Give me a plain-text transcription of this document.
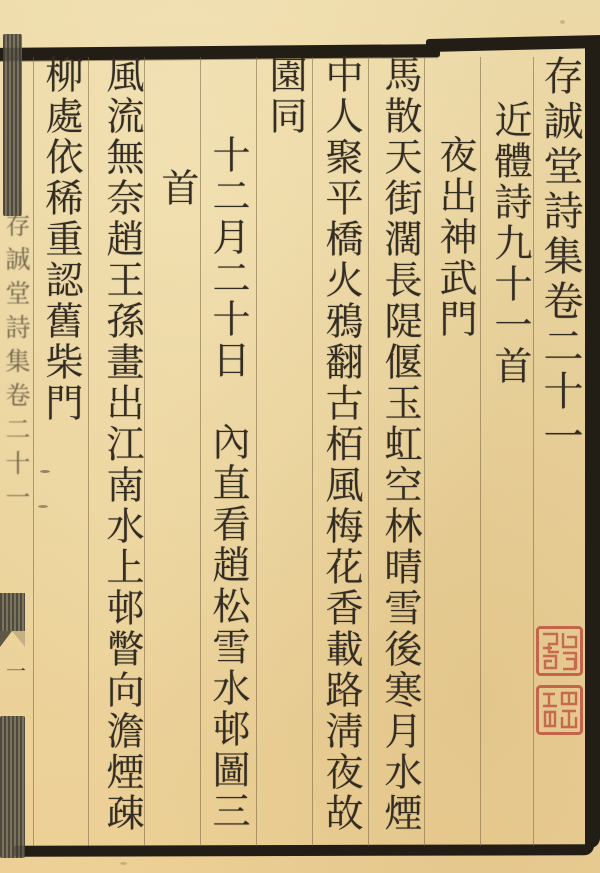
存誠堂詩集卷二十一
近體詩九十一首
夜出神武門
馬散天街濶長隄偃玉虹空林晴雪後寒月水煙
中人聚平橋火鴉翻古栢風梅花香載路淸夜故
園同
十二月二十日　內直看趙松雪水邨圖三
首
風流無奈趙王孫畫出江南水上邨瞥向澹煙疎
柳處依稀重認舊柴門
存誠堂詩集卷二十一
一
